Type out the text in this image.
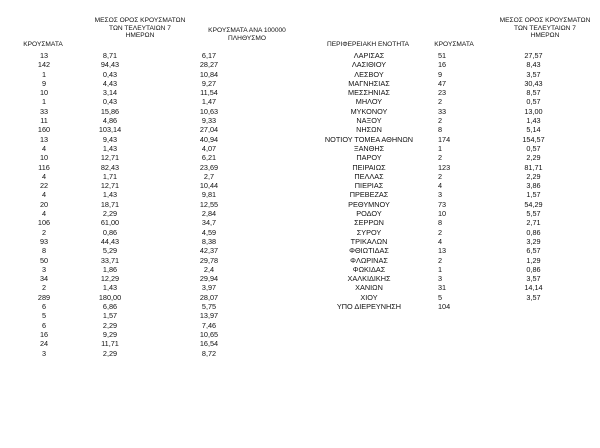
ΚΡΟΥΣΜΑΤΑ
ΜΕΣΟΣ ΟΡΟΣ ΚΡΟΥΣΜΑΤΩΝ
ΤΩΝ ΤΕΛΕΥΤΑΙΩΝ 7
ΗΜΕΡΩΝ
ΚΡΟΥΣΜΑΤΑ ΑΝΑ 100000
ΠΛΗΘΥΣΜΟ
ΠΕΡΙΦΕΡΕΙΑΚΗ ΕΝΟΤΗΤΑ	ΚΡΟΥΣΜΑΤΑ
ΜΕΣΟΣ ΟΡΟΣ ΚΡΟΥΣΜΑΤΩΝ
ΤΩΝ ΤΕΛΕΥΤΑΙΩΝ 7
ΗΜΕΡΩΝ
13	8,71	6,17
142	94,43	28,27
1	0,43	10,84
9	4,43	9,27
10	3,14	11,54
1	0,43	1,47
33	15,86	10,63
11	4,86	9,33
160	103,14	27,04
13	9,43	40,94
4	1,43	4,07
10	12,71	6,21
116	82,43	23,69
4	1,71	2,7
22	12,71	10,44
4	1,43	9,81
20	18,71	12,55
4	2,29	2,84
106	61,00	34,7
2	0,86	4,59
93	44,43	8,38
8	5,29	42,37
50	33,71	29,78
3	1,86	2,4
34	12,29	29,94
2	1,43	3,97
289	180,00	28,07
6	6,86	5,75
5	1,57	13,97
6	2,29	7,46
16	9,29	10,65
24	11,71	16,54
3	2,29	8,72
ΛΑΡΙΣΑΣ	51	27,57
ΛΑΣΙΘΙΟΥ	16	8,43
ΛΕΣΒΟΥ	9	3,57
ΜΑΓΝΗΣΙΑΣ	47	30,43
ΜΕΣΣΗΝΙΑΣ	23	8,57
ΜΗΛΟΥ	2	0,57
ΜΥΚΟΝΟΥ	33	13,00
ΝΑΞΟΥ	2	1,43
ΝΗΣΩΝ	8	5,14
ΝΟΤΙΟΥ ΤΟΜΕΑ ΑΘΗΝΩΝ	174	154,57
ΞΑΝΘΗΣ	1	0,57
ΠΑΡΟΥ	2	2,29
ΠΕΙΡΑΙΩΣ	123	81,71
ΠΕΛΛΑΣ	2	2,29
ΠΙΕΡΙΑΣ	4	3,86
ΠΡΕΒΕΖΑΣ	3	1,57
ΡΕΘΥΜΝΟΥ	73	54,29
ΡΟΔΟΥ	10	5,57
ΣΕΡΡΩΝ	8	2,71
ΣΥΡΟΥ	2	0,86
ΤΡΙΚΑΛΩΝ	4	3,29
ΦΘΙΩΤΙΔΑΣ	13	6,57
ΦΛΩΡΙΝΑΣ	2	1,29
ΦΩΚΙΔΑΣ	1	0,86
ΧΑΛΚΙΔΙΚΗΣ	3	3,57
ΧΑΝΙΩΝ	31	14,14
ΧΙΟΥ	5	3,57
ΥΠΟ ΔΙΕΡΕΥΝΗΣΗ	104
